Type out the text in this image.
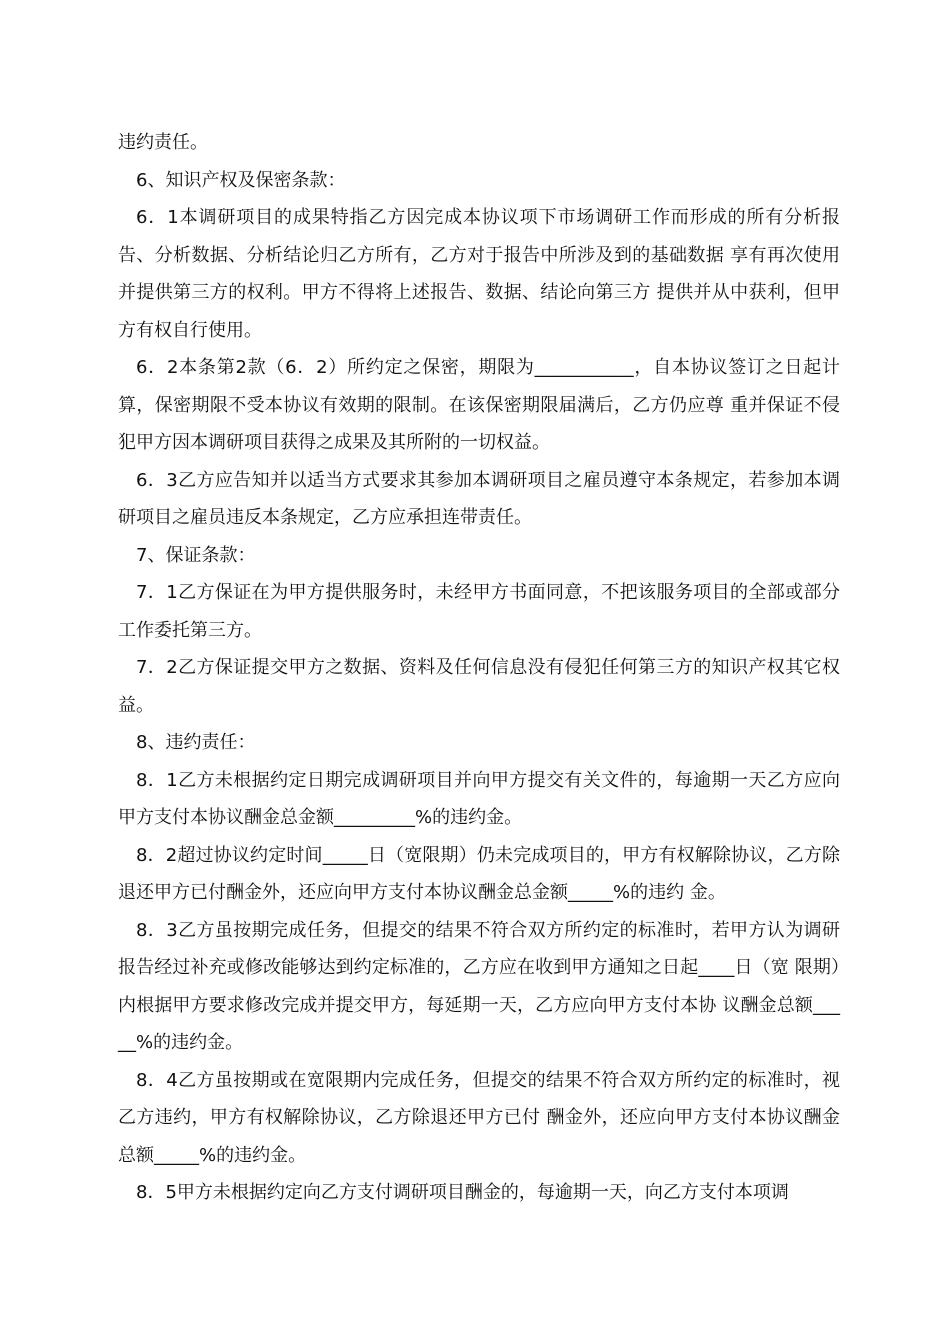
违约责任。

6、知识产权及保密条款：

6．1本调研项目的成果特指乙方因完成本协议项下市场调研工作而形成的所有分析报告、分析数据、分析结论归乙方所有，乙方对于报告中所涉及到的基础数据 享有再次使用并提供第三方的权利。甲方不得将上述报告、数据、结论向第三方 提供并从中获利，但甲方有权自行使用。

6．2本条第2款（6．2）所约定之保密，期限为___________，自本协议签订之日起计算，保密期限不受本协议有效期的限制。在该保密期限届满后，乙方仍应尊 重并保证不侵犯甲方因本调研项目获得之成果及其所附的一切权益。

6．3乙方应告知并以适当方式要求其参加本调研项目之雇员遵守本条规定，若参加本调研项目之雇员违反本条规定，乙方应承担连带责任。

7、保证条款：

7．1乙方保证在为甲方提供服务时，未经甲方书面同意，不把该服务项目的全部或部分工作委托第三方。

7．2乙方保证提交甲方之数据、资料及任何信息没有侵犯任何第三方的知识产权其它权益。

8、违约责任：

8．1乙方未根据约定日期完成调研项目并向甲方提交有关文件的，每逾期一天乙方应向甲方支付本协议酬金总金额_________%的违约金。

8．2超过协议约定时间_____日（宽限期）仍未完成项目的，甲方有权解除协议，乙方除退还甲方已付酬金外，还应向甲方支付本协议酬金总金额_____%的违约 金。

8．3乙方虽按期完成任务，但提交的结果不符合双方所约定的标准时，若甲方认为调研 报告经过补充或修改能够达到约定标准的，乙方应在收到甲方通知之日起____日（宽 限期）内根据甲方要求修改完成并提交甲方，每延期一天，乙方应向甲方支付本协 议酬金总额_____%的违约金。

8．4乙方虽按期或在宽限期内完成任务，但提交的结果不符合双方所约定的标准时，视乙方违约，甲方有权解除协议，乙方除退还甲方已付 酬金外，还应向甲方支付本协议酬金总额_____%的违约金。

8．5甲方未根据约定向乙方支付调研项目酬金的，每逾期一天，向乙方支付本项调
